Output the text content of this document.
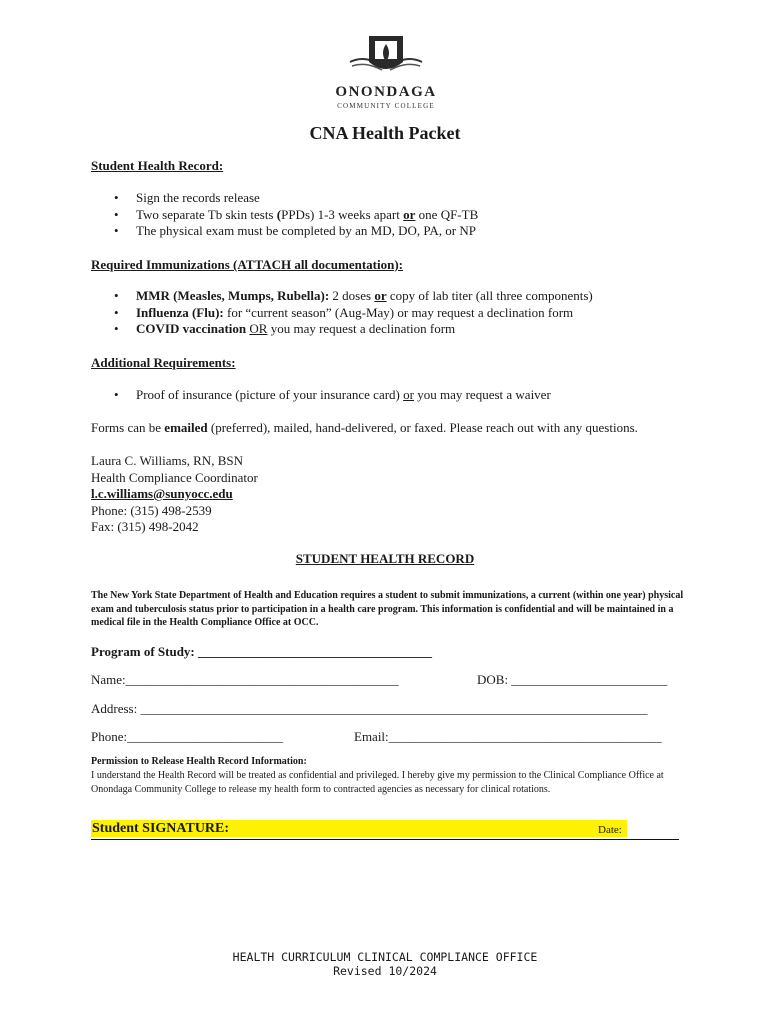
ONONDAGA
COMMUNITY COLLEGE
CNA Health Packet
Student Health Record:
• Sign the records release
• Two separate Tb skin tests (PPDs) 1-3 weeks apart or one QF-TB
• The physical exam must be completed by an MD, DO, PA, or NP
Required Immunizations (ATTACH all documentation):
• MMR (Measles, Mumps, Rubella): 2 doses or copy of lab titer (all three components)
• Influenza (Flu): for “current season” (Aug-May) or may request a declination form
• COVID vaccination OR you may request a declination form
Additional Requirements:
• Proof of insurance (picture of your insurance card) or you may request a waiver
Forms can be emailed (preferred), mailed, hand-delivered, or faxed. Please reach out with any questions.
Laura C. Williams, RN, BSN
Health Compliance Coordinator
l.c.williams@sunyocc.edu
Phone: (315) 498-2539
Fax: (315) 498-2042
STUDENT HEALTH RECORD
The New York State Department of Health and Education requires a student to submit immunizations, a current (within one year) physical exam and tuberculosis status prior to participation in a health care program. This information is confidential and will be maintained in a medical file in the Health Compliance Office at OCC.
Program of Study: ____________________________________
Name:__________________________________________	DOB: ________________________
Address: ______________________________________________________________________________
Phone:________________________	Email:__________________________________________
Permission to Release Health Record Information:
I understand the Health Record will be treated as confidential and privileged. I hereby give my permission to the Clinical Compliance Office at Onondaga Community College to release my health form to contracted agencies as necessary for clinical rotations.
Student SIGNATURE:	Date:
HEALTH CURRICULUM CLINICAL COMPLIANCE OFFICE
Revised 10/2024
